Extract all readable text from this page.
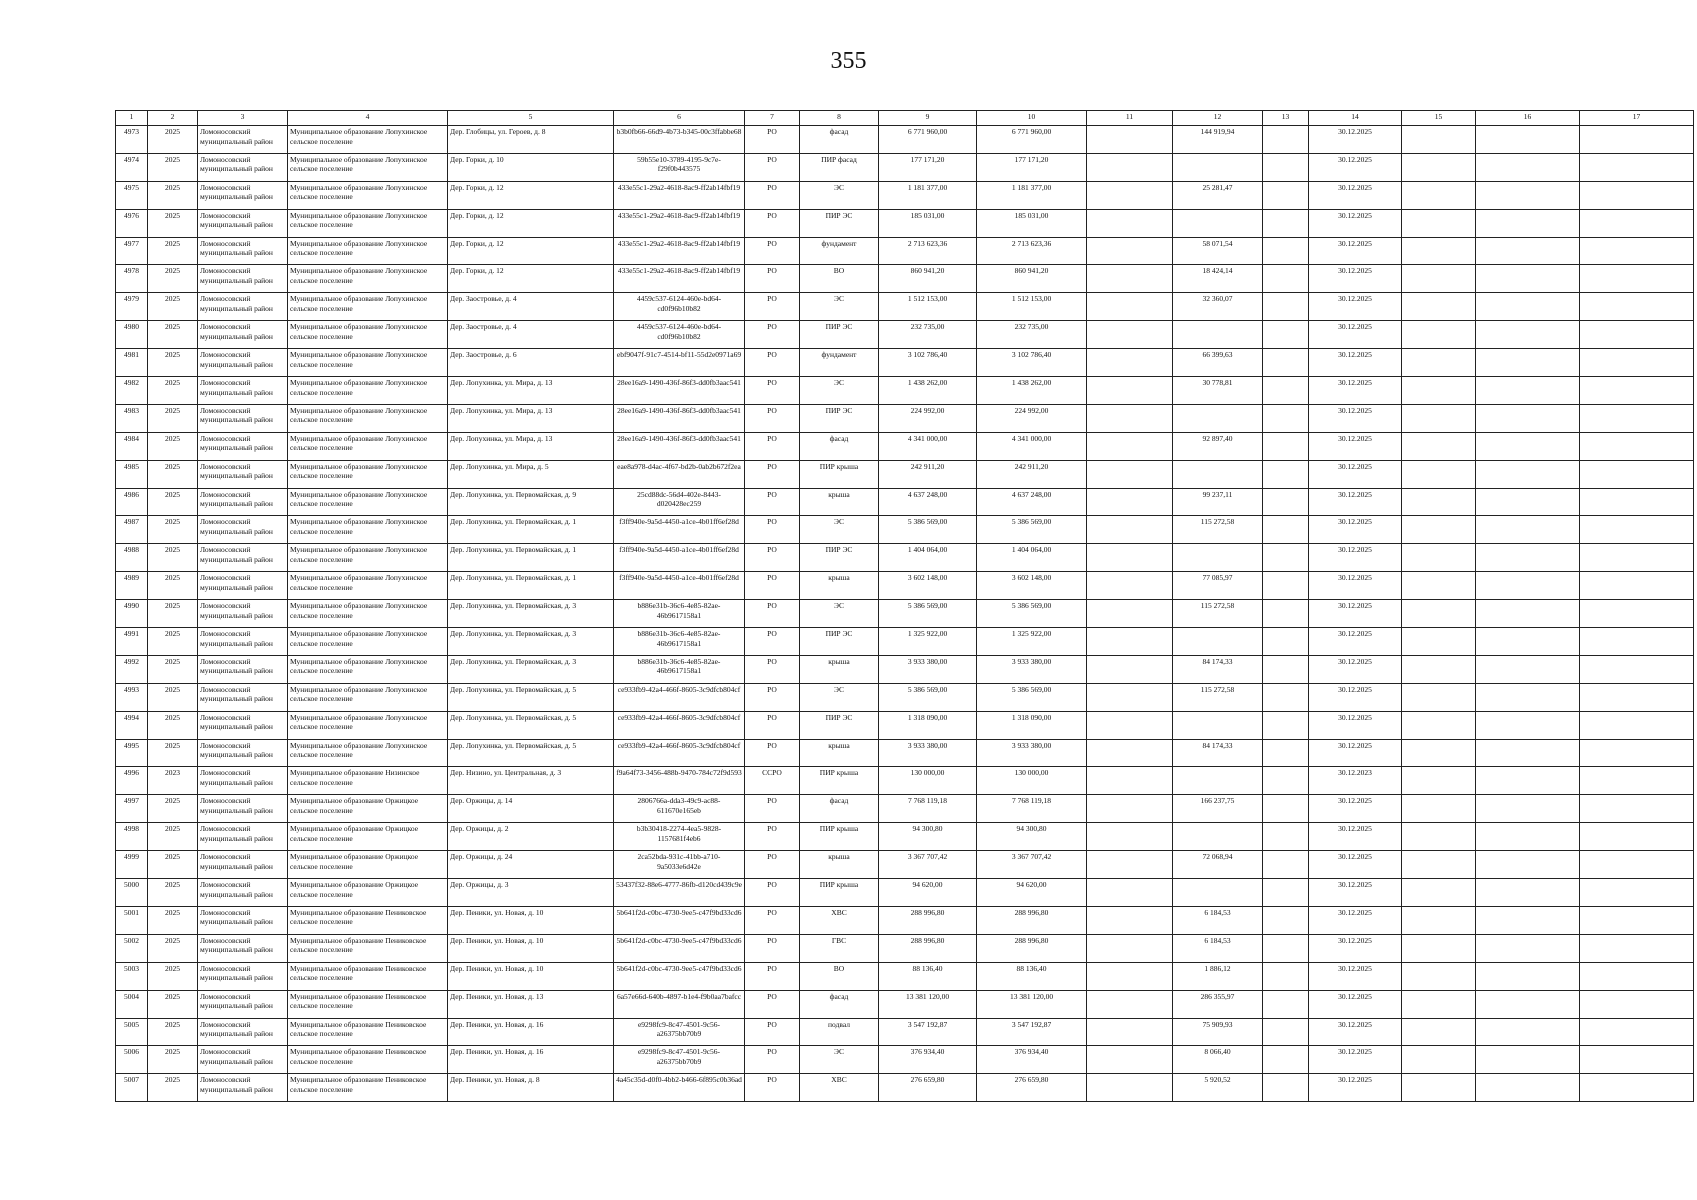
355
1	2	3	4	5	6	7	8	9	10	11	12	13	14	15	16	17
4973	2025	Ломоносовский муниципальный район	Муниципальное образование Лопухинское сельское поселение	Дер. Глобицы, ул. Героев, д. 8	b3b0fb66-66d9-4b73-b345-00c3ffabbe68	РО	фасад	6 771 960,00	6 771 960,00		144 919,94		30.12.2025			
4974	2025	Ломоносовский муниципальный район	Муниципальное образование Лопухинское сельское поселение	Дер. Горки, д. 10	59b55e10-3789-4195-9c7e-f29f0b443575	РО	ПИР фасад	177 171,20	177 171,20				30.12.2025			
4975	2025	Ломоносовский муниципальный район	Муниципальное образование Лопухинское сельское поселение	Дер. Горки, д. 12	433e55c1-29a2-4618-8ac9-ff2ab14fbf19	РО	ЭС	1 181 377,00	1 181 377,00		25 281,47		30.12.2025			
4976	2025	Ломоносовский муниципальный район	Муниципальное образование Лопухинское сельское поселение	Дер. Горки, д. 12	433e55c1-29a2-4618-8ac9-ff2ab14fbf19	РО	ПИР ЭС	185 031,00	185 031,00				30.12.2025			
4977	2025	Ломоносовский муниципальный район	Муниципальное образование Лопухинское сельское поселение	Дер. Горки, д. 12	433e55c1-29a2-4618-8ac9-ff2ab14fbf19	РО	фундамент	2 713 623,36	2 713 623,36		58 071,54		30.12.2025			
4978	2025	Ломоносовский муниципальный район	Муниципальное образование Лопухинское сельское поселение	Дер. Горки, д. 12	433e55c1-29a2-4618-8ac9-ff2ab14fbf19	РО	ВО	860 941,20	860 941,20		18 424,14		30.12.2025			
4979	2025	Ломоносовский муниципальный район	Муниципальное образование Лопухинское сельское поселение	Дер. Заостровье, д. 4	4459c537-6124-460e-bd64-cd0f96b10b82	РО	ЭС	1 512 153,00	1 512 153,00		32 360,07		30.12.2025			
4980	2025	Ломоносовский муниципальный район	Муниципальное образование Лопухинское сельское поселение	Дер. Заостровье, д. 4	4459c537-6124-460e-bd64-cd0f96b10b82	РО	ПИР ЭС	232 735,00	232 735,00				30.12.2025			
4981	2025	Ломоносовский муниципальный район	Муниципальное образование Лопухинское сельское поселение	Дер. Заостровье, д. 6	ebf9047f-91c7-4514-bf11-55d2e0971a69	РО	фундамент	3 102 786,40	3 102 786,40		66 399,63		30.12.2025			
4982	2025	Ломоносовский муниципальный район	Муниципальное образование Лопухинское сельское поселение	Дер. Лопухинка, ул. Мира, д. 13	28ee16a9-1490-436f-86f3-dd0fb3aac541	РО	ЭС	1 438 262,00	1 438 262,00		30 778,81		30.12.2025			
4983	2025	Ломоносовский муниципальный район	Муниципальное образование Лопухинское сельское поселение	Дер. Лопухинка, ул. Мира, д. 13	28ee16a9-1490-436f-86f3-dd0fb3aac541	РО	ПИР ЭС	224 992,00	224 992,00				30.12.2025			
4984	2025	Ломоносовский муниципальный район	Муниципальное образование Лопухинское сельское поселение	Дер. Лопухинка, ул. Мира, д. 13	28ee16a9-1490-436f-86f3-dd0fb3aac541	РО	фасад	4 341 000,00	4 341 000,00		92 897,40		30.12.2025			
4985	2025	Ломоносовский муниципальный район	Муниципальное образование Лопухинское сельское поселение	Дер. Лопухинка, ул. Мира, д. 5	eae8a978-d4ac-4f67-bd2b-0ab2b672f2ea	РО	ПИР крыша	242 911,20	242 911,20				30.12.2025			
4986	2025	Ломоносовский муниципальный район	Муниципальное образование Лопухинское сельское поселение	Дер. Лопухинка, ул. Первомайская, д. 9	25cd88dc-56d4-402e-8443-d020428ec259	РО	крыша	4 637 248,00	4 637 248,00		99 237,11		30.12.2025			
4987	2025	Ломоносовский муниципальный район	Муниципальное образование Лопухинское сельское поселение	Дер. Лопухинка, ул. Первомайская, д. 1	f3ff940e-9a5d-4450-a1ce-4b01ff6ef28d	РО	ЭС	5 386 569,00	5 386 569,00		115 272,58		30.12.2025			
4988	2025	Ломоносовский муниципальный район	Муниципальное образование Лопухинское сельское поселение	Дер. Лопухинка, ул. Первомайская, д. 1	f3ff940e-9a5d-4450-a1ce-4b01ff6ef28d	РО	ПИР ЭС	1 404 064,00	1 404 064,00				30.12.2025			
4989	2025	Ломоносовский муниципальный район	Муниципальное образование Лопухинское сельское поселение	Дер. Лопухинка, ул. Первомайская, д. 1	f3ff940e-9a5d-4450-a1ce-4b01ff6ef28d	РО	крыша	3 602 148,00	3 602 148,00		77 085,97		30.12.2025			
4990	2025	Ломоносовский муниципальный район	Муниципальное образование Лопухинское сельское поселение	Дер. Лопухинка, ул. Первомайская, д. 3	b886e31b-36c6-4e85-82ae-46b9617158a1	РО	ЭС	5 386 569,00	5 386 569,00		115 272,58		30.12.2025			
4991	2025	Ломоносовский муниципальный район	Муниципальное образование Лопухинское сельское поселение	Дер. Лопухинка, ул. Первомайская, д. 3	b886e31b-36c6-4e85-82ae-46b9617158a1	РО	ПИР ЭС	1 325 922,00	1 325 922,00				30.12.2025			
4992	2025	Ломоносовский муниципальный район	Муниципальное образование Лопухинское сельское поселение	Дер. Лопухинка, ул. Первомайская, д. 3	b886e31b-36c6-4e85-82ae-46b9617158a1	РО	крыша	3 933 380,00	3 933 380,00		84 174,33		30.12.2025			
4993	2025	Ломоносовский муниципальный район	Муниципальное образование Лопухинское сельское поселение	Дер. Лопухинка, ул. Первомайская, д. 5	ce933fb9-42a4-466f-8605-3c9dfcb804cf	РО	ЭС	5 386 569,00	5 386 569,00		115 272,58		30.12.2025			
4994	2025	Ломоносовский муниципальный район	Муниципальное образование Лопухинское сельское поселение	Дер. Лопухинка, ул. Первомайская, д. 5	ce933fb9-42a4-466f-8605-3c9dfcb804cf	РО	ПИР ЭС	1 318 090,00	1 318 090,00				30.12.2025			
4995	2025	Ломоносовский муниципальный район	Муниципальное образование Лопухинское сельское поселение	Дер. Лопухинка, ул. Первомайская, д. 5	ce933fb9-42a4-466f-8605-3c9dfcb804cf	РО	крыша	3 933 380,00	3 933 380,00		84 174,33		30.12.2025			
4996	2023	Ломоносовский муниципальный район	Муниципальное образование Низинское сельское поселение	Дер. Низино, ул. Центральная, д. 3	f9a64f73-3456-488b-9470-784c72f9d593	ССРО	ПИР крыша	130 000,00	130 000,00				30.12.2023			
4997	2025	Ломоносовский муниципальный район	Муниципальное образование Оржицкое сельское поселение	Дер. Оржицы, д. 14	2806766a-dda3-49c9-ac88-611670e165eb	РО	фасад	7 768 119,18	7 768 119,18		166 237,75		30.12.2025			
4998	2025	Ломоносовский муниципальный район	Муниципальное образование Оржицкое сельское поселение	Дер. Оржицы, д. 2	b3b30418-2274-4ea5-9828-1157681f4eb6	РО	ПИР крыша	94 300,80	94 300,80				30.12.2025			
4999	2025	Ломоносовский муниципальный район	Муниципальное образование Оржицкое сельское поселение	Дер. Оржицы, д. 24	2ca52bda-931c-41bb-a710-9a5033e6d42e	РО	крыша	3 367 707,42	3 367 707,42		72 068,94		30.12.2025			
5000	2025	Ломоносовский муниципальный район	Муниципальное образование Оржицкое сельское поселение	Дер. Оржицы, д. 3	53437f32-88e6-4777-86fb-d120cd439c9e	РО	ПИР крыша	94 620,00	94 620,00				30.12.2025			
5001	2025	Ломоносовский муниципальный район	Муниципальное образование Пениковское сельское поселение	Дер. Пеники, ул. Новая, д. 10	5b641f2d-c0bc-4730-9ee5-c47f9bd33cd6	РО	ХВС	288 996,80	288 996,80		6 184,53		30.12.2025			
5002	2025	Ломоносовский муниципальный район	Муниципальное образование Пениковское сельское поселение	Дер. Пеники, ул. Новая, д. 10	5b641f2d-c0bc-4730-9ee5-c47f9bd33cd6	РО	ГВС	288 996,80	288 996,80		6 184,53		30.12.2025			
5003	2025	Ломоносовский муниципальный район	Муниципальное образование Пениковское сельское поселение	Дер. Пеники, ул. Новая, д. 10	5b641f2d-c0bc-4730-9ee5-c47f9bd33cd6	РО	ВО	88 136,40	88 136,40		1 886,12		30.12.2025			
5004	2025	Ломоносовский муниципальный район	Муниципальное образование Пениковское сельское поселение	Дер. Пеники, ул. Новая, д. 13	6a57e66d-640b-4897-b1e4-f9b0aa7bafcc	РО	фасад	13 381 120,00	13 381 120,00		286 355,97		30.12.2025			
5005	2025	Ломоносовский муниципальный район	Муниципальное образование Пениковское сельское поселение	Дер. Пеники, ул. Новая, д. 16	e9298fc9-8c47-4501-9c56-a26375bb70b9	РО	подвал	3 547 192,87	3 547 192,87		75 909,93		30.12.2025			
5006	2025	Ломоносовский муниципальный район	Муниципальное образование Пениковское сельское поселение	Дер. Пеники, ул. Новая, д. 16	e9298fc9-8c47-4501-9c56-a26375bb70b9	РО	ЭС	376 934,40	376 934,40		8 066,40		30.12.2025			
5007	2025	Ломоносовский муниципальный район	Муниципальное образование Пениковское сельское поселение	Дер. Пеники, ул. Новая, д. 8	4a45c35d-d0f0-4bb2-b466-6f895c0b36ad	РО	ХВС	276 659,80	276 659,80		5 920,52		30.12.2025			
